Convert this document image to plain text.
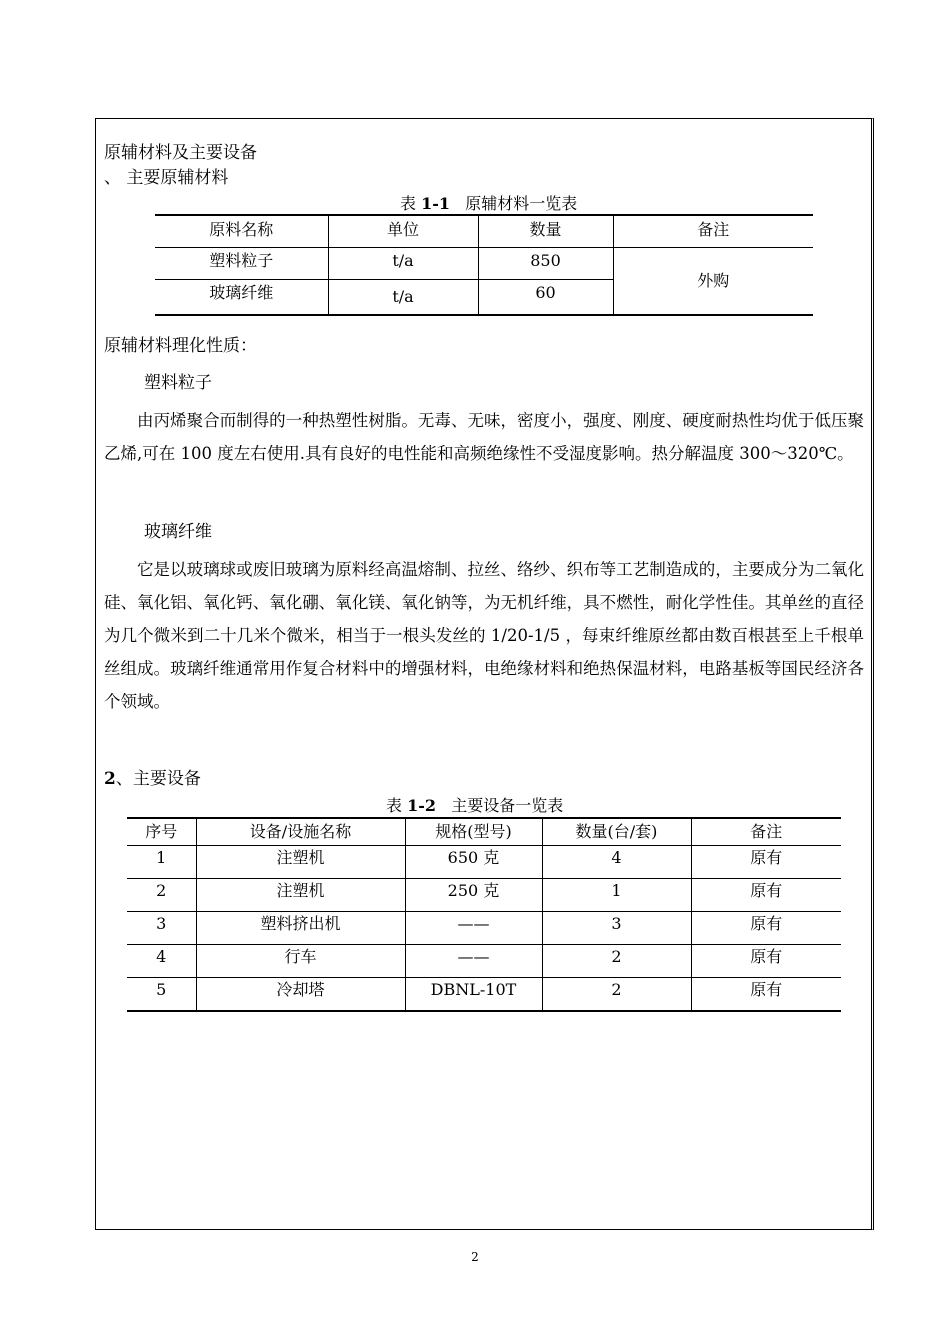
原辅材料及主要设备
、 主要原辅材料
表 1-1 原辅材料一览表
原料名称	单位	数量	备注
塑料粒子	t/a	850	外购
玻璃纤维	t/a	60	
原辅材料理化性质：
塑料粒子
由丙烯聚合而制得的一种热塑性树脂。无毒、无味，密度小，强度、刚度、硬度耐热性均优于低压聚乙烯,可在 100 度左右使用.具有良好的电性能和高频绝缘性不受湿度影响。热分解温度 300～320℃。
玻璃纤维
它是以玻璃球或废旧玻璃为原料经高温熔制、拉丝、络纱、织布等工艺制造成的，主要成分为二氧化硅、氧化铝、氧化钙、氧化硼、氧化镁、氧化钠等，为无机纤维，具不燃性，耐化学性佳。其单丝的直径为几个微米到二十几米个微米，相当于一根头发丝的 1/20-1/5 ，每束纤维原丝都由数百根甚至上千根单丝组成。玻璃纤维通常用作复合材料中的增强材料，电绝缘材料和绝热保温材料，电路基板等国民经济各个领域。
2、主要设备
表 1-2 主要设备一览表
序号	设备/设施名称	规格(型号)	数量(台/套)	备注
1	注塑机	650 克	4	原有
2	注塑机	250 克	1	原有
3	塑料挤出机	——	3	原有
4	行车	——	2	原有
5	冷却塔	DBNL-10T	2	原有
2
